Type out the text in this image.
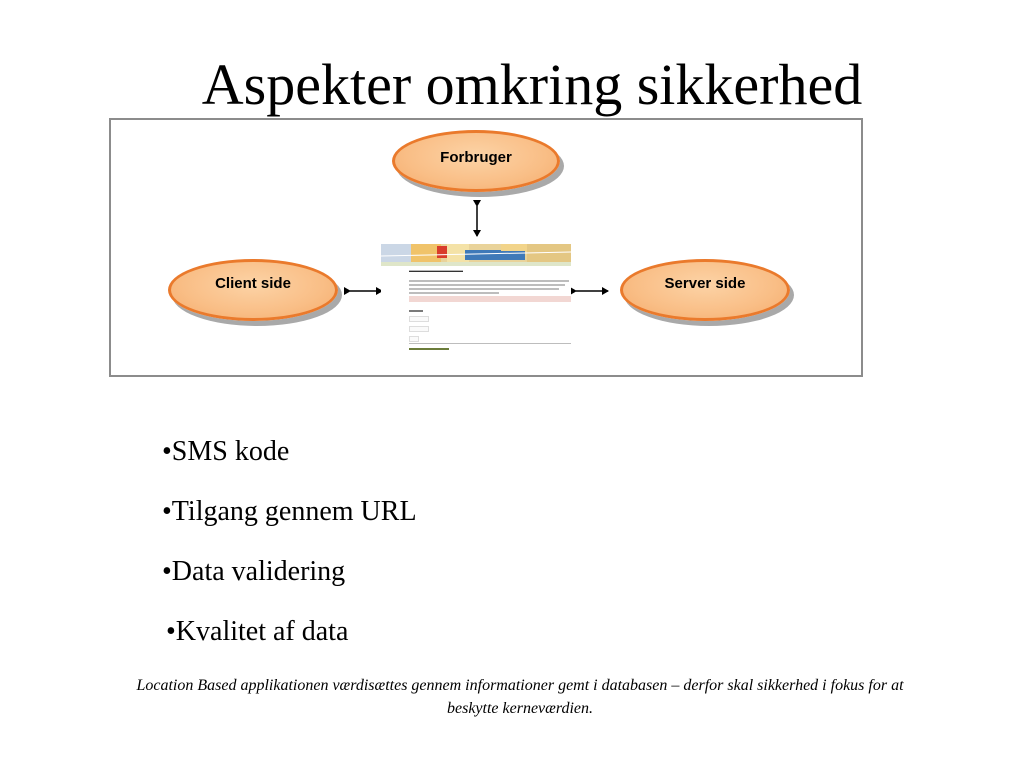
Aspekter omkring sikkerhed
Forbruger
Client side	Server side
▬▬▬▬▬▬▬▬▬▬▬▬
•SMS kode
•Tilgang gennem URL
•Data validering
•Kvalitet af data
Location Based applikationen værdisættes gennem informationer gemt i databasen – derfor skal sikkerhed i fokus for at beskytte kerneværdien.
